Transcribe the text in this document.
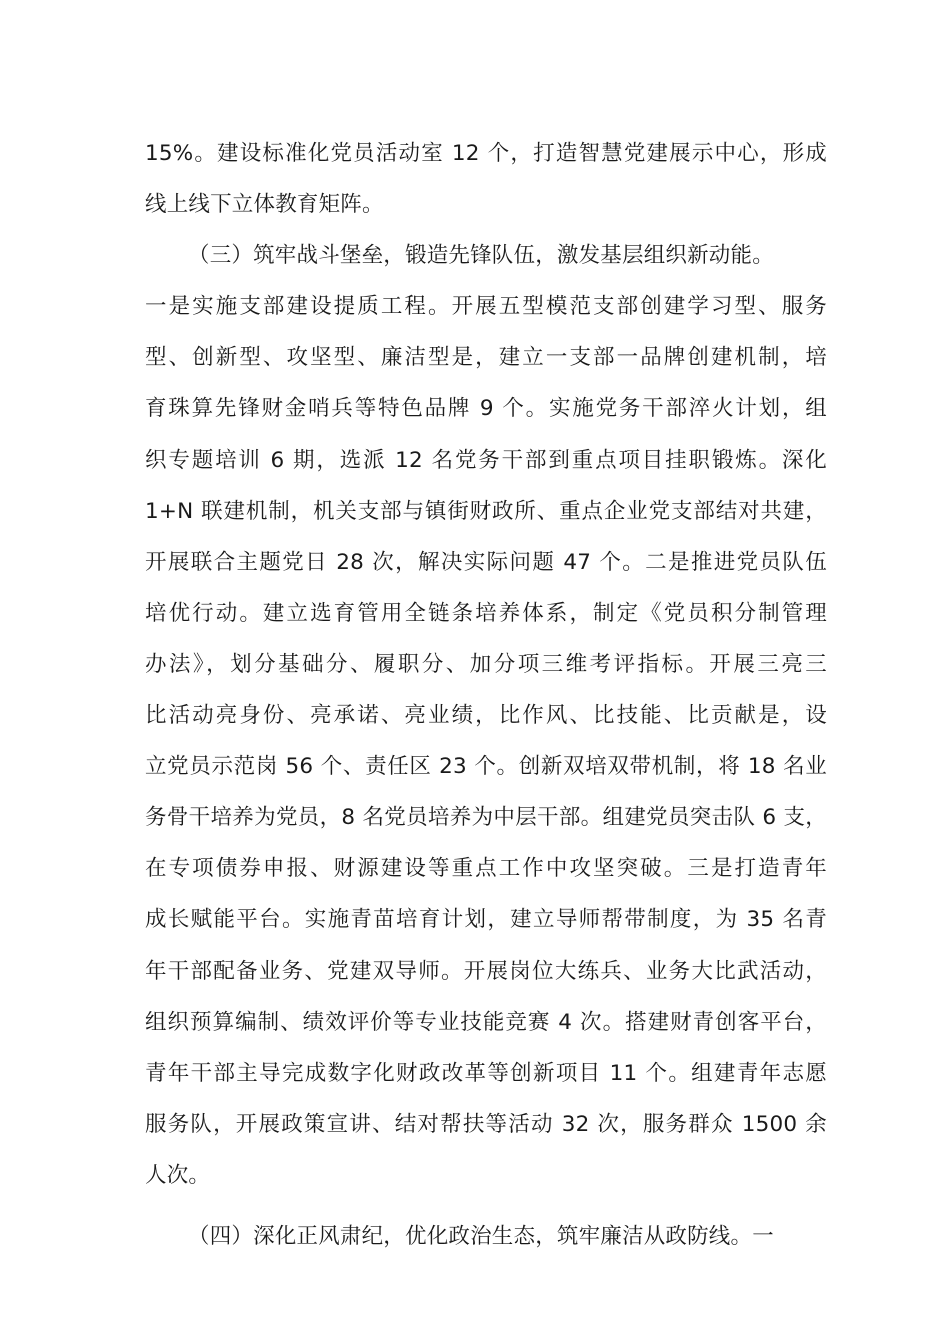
15%。建设标准化党员活动室 12 个，打造智慧党建展示中心，形成
线上线下立体教育矩阵。
（三）筑牢战斗堡垒，锻造先锋队伍，激发基层组织新动能。
一是实施支部建设提质工程。开展五型模范支部创建学习型、服务
型、创新型、攻坚型、廉洁型是，建立一支部一品牌创建机制，培
育珠算先锋财金哨兵等特色品牌 9 个。实施党务干部淬火计划，组
织专题培训 6 期，选派 12 名党务干部到重点项目挂职锻炼。深化
1+N 联建机制，机关支部与镇街财政所、重点企业党支部结对共建，
开展联合主题党日 28 次，解决实际问题 47 个。二是推进党员队伍
培优行动。建立选育管用全链条培养体系，制定《党员积分制管理
办法》，划分基础分、履职分、加分项三维考评指标。开展三亮三
比活动亮身份、亮承诺、亮业绩，比作风、比技能、比贡献是，设
立党员示范岗 56 个、责任区 23 个。创新双培双带机制，将 18 名业
务骨干培养为党员，8 名党员培养为中层干部。组建党员突击队 6 支，
在专项债券申报、财源建设等重点工作中攻坚突破。三是打造青年
成长赋能平台。实施青苗培育计划，建立导师帮带制度，为 35 名青
年干部配备业务、党建双导师。开展岗位大练兵、业务大比武活动，
组织预算编制、绩效评价等专业技能竞赛 4 次。搭建财青创客平台，
青年干部主导完成数字化财政改革等创新项目 11 个。组建青年志愿
服务队，开展政策宣讲、结对帮扶等活动 32 次，服务群众 1500 余
人次。
（四）深化正风肃纪，优化政治生态，筑牢廉洁从政防线。一
